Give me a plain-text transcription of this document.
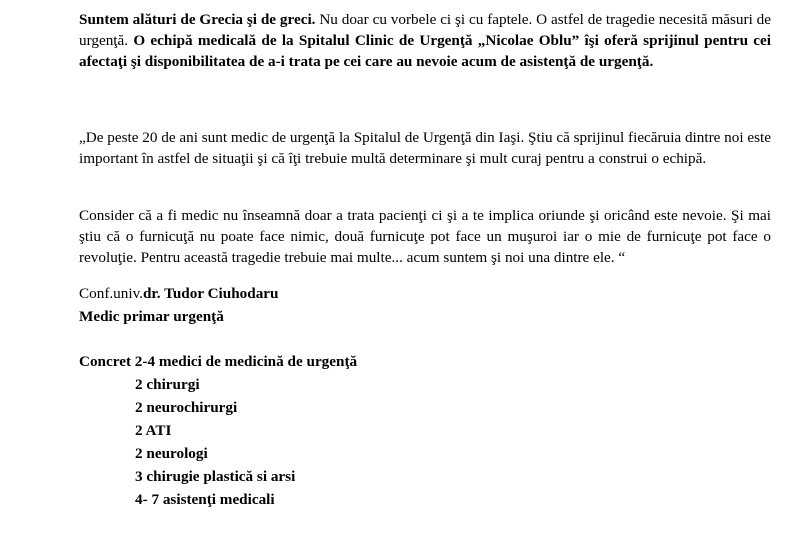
Suntem alături de Grecia şi de greci. Nu doar cu vorbele ci şi cu faptele. O astfel de tragedie necesită măsuri de urgenţă. O echipă medicală de la Spitalul Clinic de Urgenţă „Nicolae Oblu” îşi oferă sprijinul pentru cei afectaţi şi disponibilitatea de a-i trata pe cei care au nevoie acum de asistenţă de urgenţă.

„De peste 20 de ani sunt medic de urgenţă la Spitalul de Urgenţă din Iaşi. Ştiu că sprijinul fiecăruia dintre noi este important în astfel de situaţii şi că îţi trebuie multă determinare şi mult curaj pentru a construi o echipă.

Consider că a fi medic nu înseamnă doar a trata pacienţi ci şi a te implica oriunde şi oricând este nevoie. Şi mai ştiu că o furnicuţă nu poate face nimic, două furnicuţe pot face un muşuroi iar o mie de furnicuţe pot face o revoluţie. Pentru această tragedie trebuie mai multe... acum suntem şi noi una dintre ele. “

Conf.univ.dr. Tudor Ciuhodaru

Medic primar urgenţă

Concret 2-4 medici de medicină de urgenţă

2 chirurgi
2 neurochirurgi
2 ATI
2 neurologi
3 chirugie plastică si arsi
4- 7 asistenţi medicali
